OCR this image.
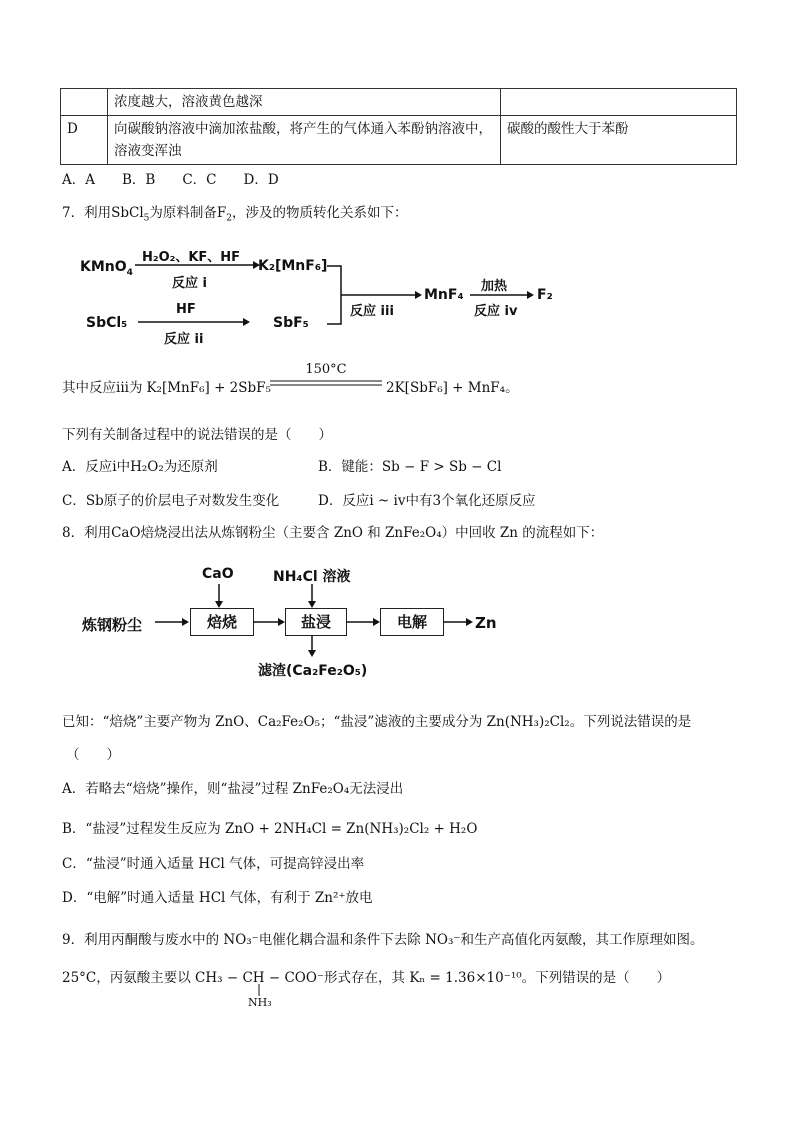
	浓度越大，溶液黄色越深	
D	向碳酸钠溶液中滴加浓盐酸，将产生的气体通入苯酚钠溶液中，
溶液变浑浊	碳酸的酸性大于苯酚
A．A　　B．B　　C．C　　D．D
7．利用SbCl$_5$为原料制备$F_2$，涉及的物质转化关系如下：
KMnO$_4$
H₂O₂、KF、HF
反应 i
K₂[MnF₆]
SbCl₅
HF
反应 ii
SbF₅
反应 iii
MnF₄
加热
反应 iv
F₂
其中反应iii为 K₂[MnF₆] + 2SbF₅
150°C
2K[SbF₆] + MnF₄。
下列有关制备过程中的说法错误的是（　　）
A．反应i中H₂O₂为还原剂	B．键能：Sb − F > Sb − Cl
C．Sb原子的价层电子对数发生变化	D．反应i ~ iv中有3个氧化还原反应
8．利用CaO焙烧浸出法从炼钢粉尘（主要含 ZnO 和 ZnFe₂O₄）中回收 Zn 的流程如下：
CaO	NH₄Cl 溶液
炼钢粉尘	焙烧	盐浸	电解	Zn
滤渣(Ca₂Fe₂O₅)
已知：“焙烧”主要产物为 ZnO、Ca₂Fe₂O₅；“盐浸”滤液的主要成分为 Zn(NH₃)₂Cl₂。下列说法错误的是
（　　）
A．若略去“焙烧”操作，则“盐浸”过程 ZnFe₂O₄无法浸出
B．“盐浸”过程发生反应为 ZnO + 2NH₄Cl = Zn(NH₃)₂Cl₂ + H₂O
C．“盐浸”时通入适量 HCl 气体，可提高锌浸出率
D．“电解”时通入适量 HCl 气体，有利于 Zn²⁺放电
9．利用丙酮酸与废水中的 NO₃⁻电催化耦合温和条件下去除 NO₃⁻和生产高值化丙氨酸，其工作原理如图。
25°C，丙氨酸主要以 CH₃ − CH − COO⁻形式存在，其 Kₙ = 1.36×10⁻¹⁰。下列错误的是（　　）
NH₃
